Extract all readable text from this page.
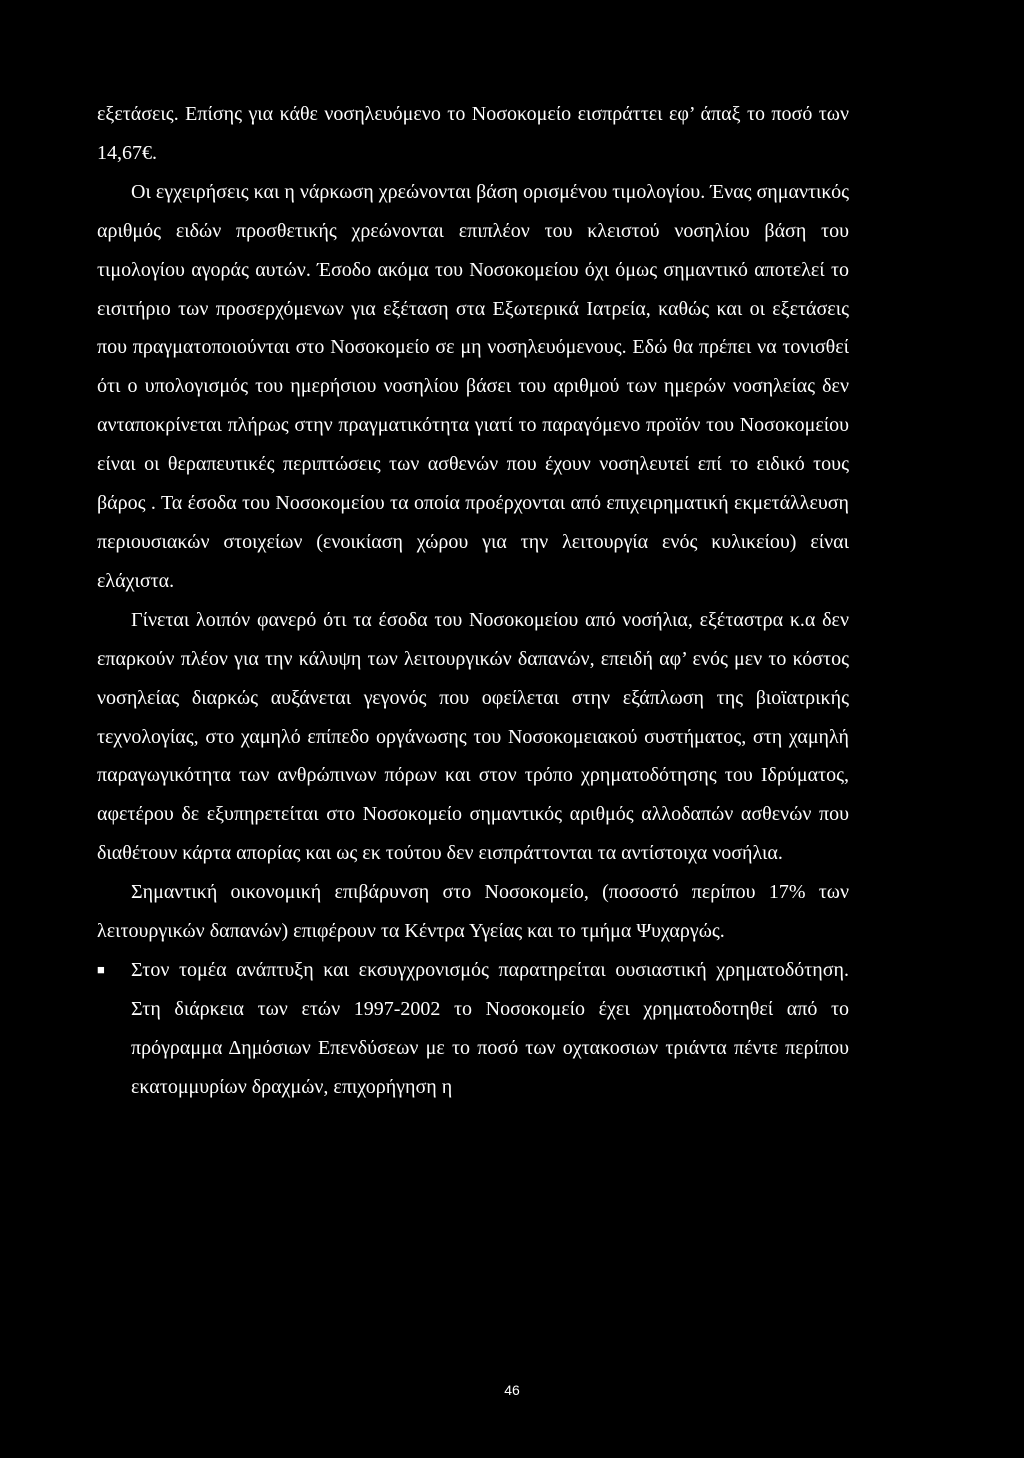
εξετάσεις. Επίσης για κάθε νοσηλευόμενο το Νοσοκομείο εισπράττει εφ’ άπαξ το ποσό των 14,67€.

Οι εγχειρήσεις και η νάρκωση χρεώνονται βάση ορισμένου τιμολογίου. Ένας σημαντικός αριθμός ειδών προσθετικής χρεώνονται επιπλέον του κλειστού νοσηλίου βάση του τιμολογίου αγοράς αυτών. Έσοδο ακόμα του Νοσοκομείου όχι όμως σημαντικό αποτελεί το εισιτήριο των προσερχόμενων για εξέταση στα Εξωτερικά Ιατρεία, καθώς και οι εξετάσεις που πραγματοποιούνται στο Νοσοκομείο σε μη νοσηλευόμενους. Εδώ θα πρέπει να τονισθεί ότι ο υπολογισμός του ημερήσιου νοσηλίου βάσει του αριθμού των ημερών νοσηλείας δεν ανταποκρίνεται πλήρως στην πραγματικότητα γιατί το παραγόμενο προϊόν του Νοσοκομείου είναι οι θεραπευτικές περιπτώσεις των ασθενών που έχουν νοσηλευτεί επί το ειδικό τους βάρος . Τα έσοδα του Νοσοκομείου τα οποία προέρχονται από επιχειρηματική εκμετάλλευση περιουσιακών στοιχείων (ενοικίαση χώρου για την λειτουργία ενός κυλικείου) είναι ελάχιστα.

Γίνεται λοιπόν φανερό ότι τα έσοδα του Νοσοκομείου από νοσήλια, εξέταστρα κ.α δεν επαρκούν πλέον για την κάλυψη των λειτουργικών δαπανών, επειδή αφ’ ενός μεν το κόστος νοσηλείας διαρκώς αυξάνεται γεγονός που οφείλεται στην εξάπλωση της βιοϊατρικής τεχνολογίας, στο χαμηλό επίπεδο οργάνωσης του Νοσοκομειακού συστήματος, στη χαμηλή παραγωγικότητα των ανθρώπινων πόρων και στον τρόπο χρηματοδότησης του Ιδρύματος, αφετέρου δε εξυπηρετείται στο Νοσοκομείο σημαντικός αριθμός αλλοδαπών ασθενών που διαθέτουν κάρτα απορίας και ως εκ τούτου δεν εισπράττονται τα αντίστοιχα νοσήλια.

Σημαντική οικονομική επιβάρυνση στο Νοσοκομείο, (ποσοστό περίπου 17% των λειτουργικών δαπανών) επιφέρουν τα Κέντρα Υγείας και το τμήμα Ψυχαργώς.

■ Στον τομέα ανάπτυξη και εκσυγχρονισμός παρατηρείται ουσιαστική χρηματοδότηση. Στη διάρκεια των ετών 1997-2002 το Νοσοκομείο έχει χρηματοδοτηθεί από το πρόγραμμα Δημόσιων Επενδύσεων με το ποσό των οχτακοσιων τριάντα πέντε περίπου εκατομμυρίων δραχμών, επιχορήγηση η
46
